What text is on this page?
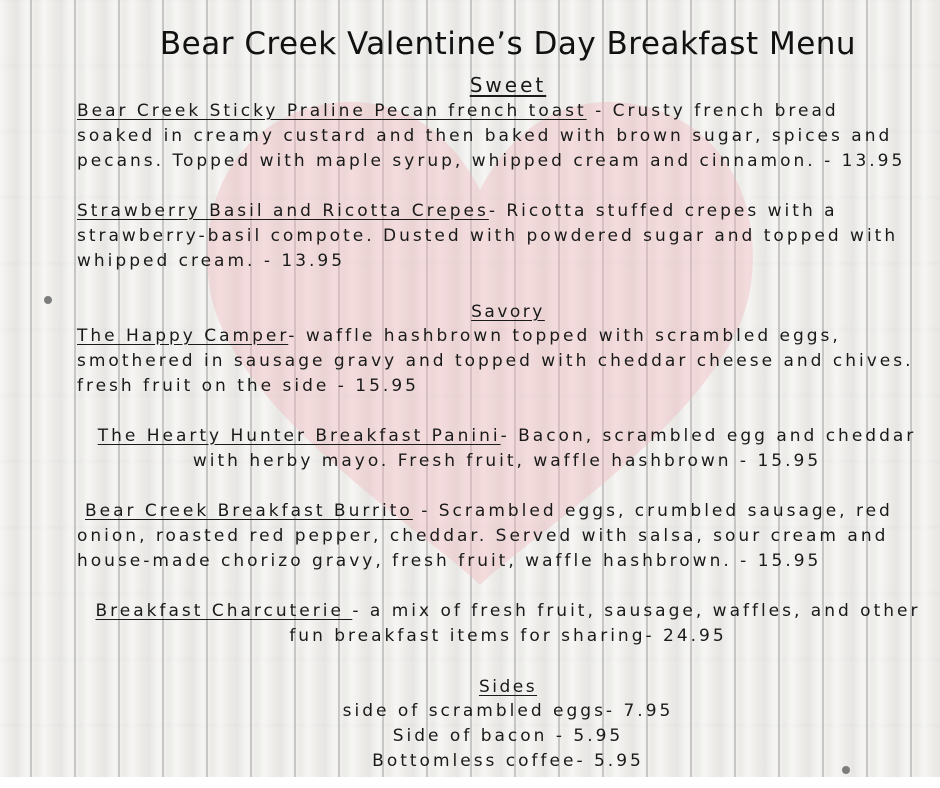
Bear Creek Valentine’s Day Breakfast Menu
Sweet
Bear Creek Sticky Praline Pecan french toast - Crusty french bread
soaked in creamy custard and then baked with brown sugar, spices and
pecans. Topped with maple syrup, whipped cream and cinnamon. - 13.95
Strawberry Basil and Ricotta Crepes- Ricotta stuffed crepes with a
strawberry-basil compote. Dusted with powdered sugar and topped with
whipped cream. - 13.95
Savory
The Happy Camper- waffle hashbrown topped with scrambled eggs,
smothered in sausage gravy and topped with cheddar cheese and chives.
fresh fruit on the side - 15.95
The Hearty Hunter Breakfast Panini- Bacon, scrambled egg and cheddar
with herby mayo. Fresh fruit, waffle hashbrown - 15.95
Bear Creek Breakfast Burrito - Scrambled eggs, crumbled sausage, red
onion, roasted red pepper, cheddar. Served with salsa, sour cream and
house-made chorizo gravy, fresh fruit, waffle hashbrown. - 15.95
Breakfast Charcuterie - a mix of fresh fruit, sausage, waffles, and other
fun breakfast items for sharing- 24.95
Sides
side of scrambled eggs- 7.95
Side of bacon - 5.95
Bottomless coffee- 5.95
